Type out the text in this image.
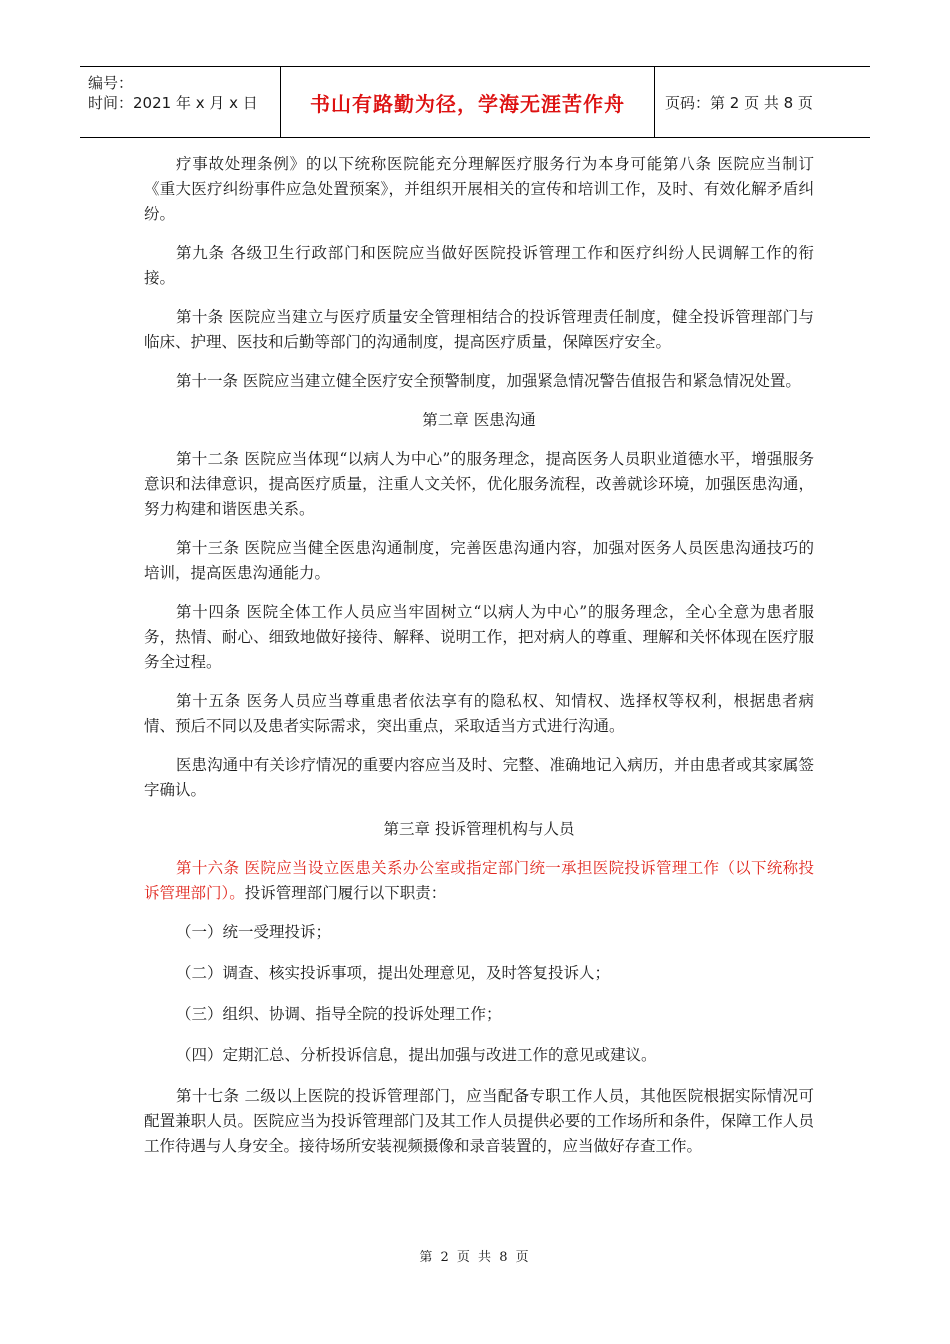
编号：
时间：2021 年 x 月 x 日	书山有路勤为径，学海无涯苦作舟	页码：第 2 页 共 8 页

疗事故处理条例》的以下统称医院能充分理解医疗服务行为本身可能第八条 医院应当制订《重大医疗纠纷事件应急处置预案》，并组织开展相关的宣传和培训工作，及时、有效化解矛盾纠纷。

第九条 各级卫生行政部门和医院应当做好医院投诉管理工作和医疗纠纷人民调解工作的衔接。

第十条 医院应当建立与医疗质量安全管理相结合的投诉管理责任制度，健全投诉管理部门与临床、护理、医技和后勤等部门的沟通制度，提高医疗质量，保障医疗安全。

第十一条 医院应当建立健全医疗安全预警制度，加强紧急情况警告值报告和紧急情况处置。

第二章 医患沟通

第十二条 医院应当体现“以病人为中心”的服务理念，提高医务人员职业道德水平，增强服务意识和法律意识，提高医疗质量，注重人文关怀，优化服务流程，改善就诊环境，加强医患沟通，努力构建和谐医患关系。

第十三条 医院应当健全医患沟通制度，完善医患沟通内容，加强对医务人员医患沟通技巧的培训，提高医患沟通能力。

第十四条 医院全体工作人员应当牢固树立“以病人为中心”的服务理念，全心全意为患者服务，热情、耐心、细致地做好接待、解释、说明工作，把对病人的尊重、理解和关怀体现在医疗服务全过程。

第十五条 医务人员应当尊重患者依法享有的隐私权、知情权、选择权等权利，根据患者病情、预后不同以及患者实际需求，突出重点，采取适当方式进行沟通。

医患沟通中有关诊疗情况的重要内容应当及时、完整、准确地记入病历，并由患者或其家属签字确认。

第三章 投诉管理机构与人员

第十六条 医院应当设立医患关系办公室或指定部门统一承担医院投诉管理工作（以下统称投诉管理部门）。投诉管理部门履行以下职责：

（一）统一受理投诉；
（二）调查、核实投诉事项，提出处理意见，及时答复投诉人；
（三）组织、协调、指导全院的投诉处理工作；
（四）定期汇总、分析投诉信息，提出加强与改进工作的意见或建议。

第十七条 二级以上医院的投诉管理部门，应当配备专职工作人员，其他医院根据实际情况可配置兼职人员。医院应当为投诉管理部门及其工作人员提供必要的工作场所和条件，保障工作人员工作待遇与人身安全。接待场所安装视频摄像和录音装置的，应当做好存查工作。

第 2 页 共 8 页
